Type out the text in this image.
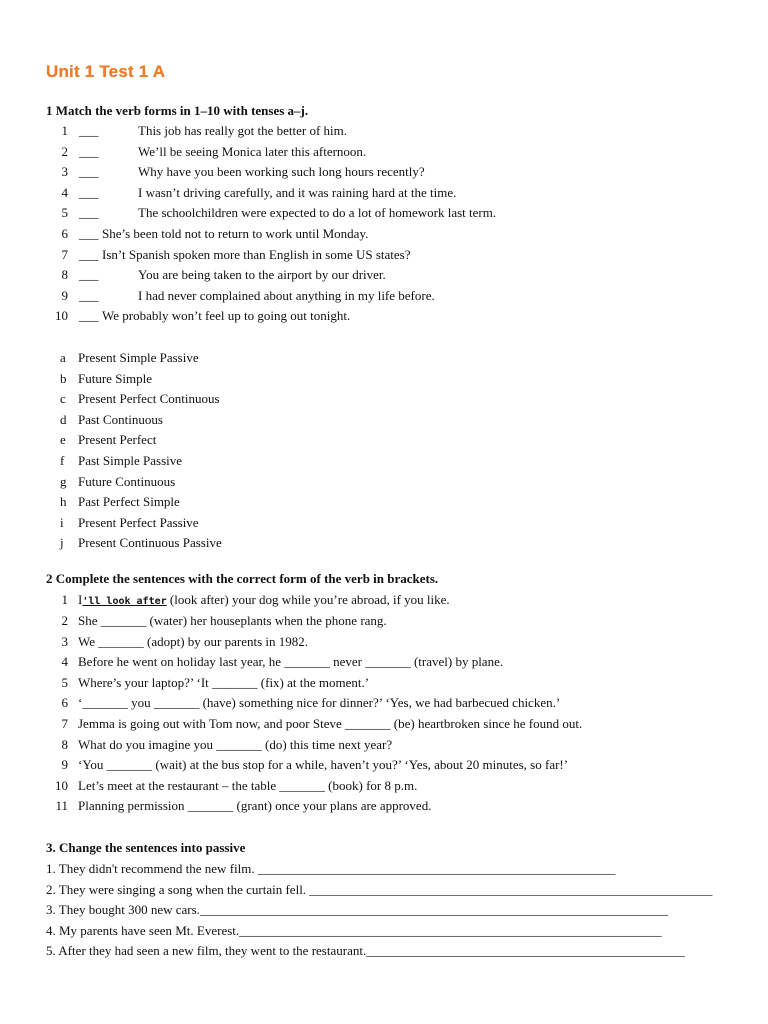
Unit 1 Test 1 A
1 Match the verb forms in 1–10 with tenses a–j.
1 ___	This job has really got the better of him.
2 ___	We’ll be seeing Monica later this afternoon.
3 ___	Why have you been working such long hours recently?
4 ___	I wasn’t driving carefully, and it was raining hard at the time.
5 ___	The schoolchildren were expected to do a lot of homework last term.
6 ___ She’s been told not to return to work until Monday.
7 ___ Isn’t Spanish spoken more than English in some US states?
8 ___	You are being taken to the airport by our driver.
9 ___	I had never complained about anything in my life before.
10 ___ We probably won’t feel up to going out tonight.
a Present Simple Passive
b Future Simple
c Present Perfect Continuous
d Past Continuous
e Present Perfect
f Past Simple Passive
g Future Continuous
h Past Perfect Simple
i Present Perfect Passive
j Present Continuous Passive
2 Complete the sentences with the correct form of the verb in brackets.
1 I'll look after (look after) your dog while you’re abroad, if you like.
2 She _______ (water) her houseplants when the phone rang.
3 We _______ (adopt) by our parents in 1982.
4 Before he went on holiday last year, he _______ never _______ (travel) by plane.
5 Where’s your laptop?’ ‘It _______ (fix) at the moment.’
6 ‘_______ you _______ (have) something nice for dinner?’ ‘Yes, we had barbecued chicken.’
7 Jemma is going out with Tom now, and poor Steve _______ (be) heartbroken since he found out.
8 What do you imagine you _______ (do) this time next year?
9 ‘You _______ (wait) at the bus stop for a while, haven’t you?’ ‘Yes, about 20 minutes, so far!’
10 Let’s meet at the restaurant – the table _______ (book) for 8 p.m.
11 Planning permission _______ (grant) once your plans are approved.
3. Change the sentences into passive
1. They didn't recommend the new film. _______________________________________________________
2. They were singing a song when the curtain fell. ______________________________________________________________
3. They bought 300 new cars.________________________________________________________________________
4. My parents have seen Mt. Everest._________________________________________________________________
5. After they had seen a new film, they went to the restaurant._________________________________________________
